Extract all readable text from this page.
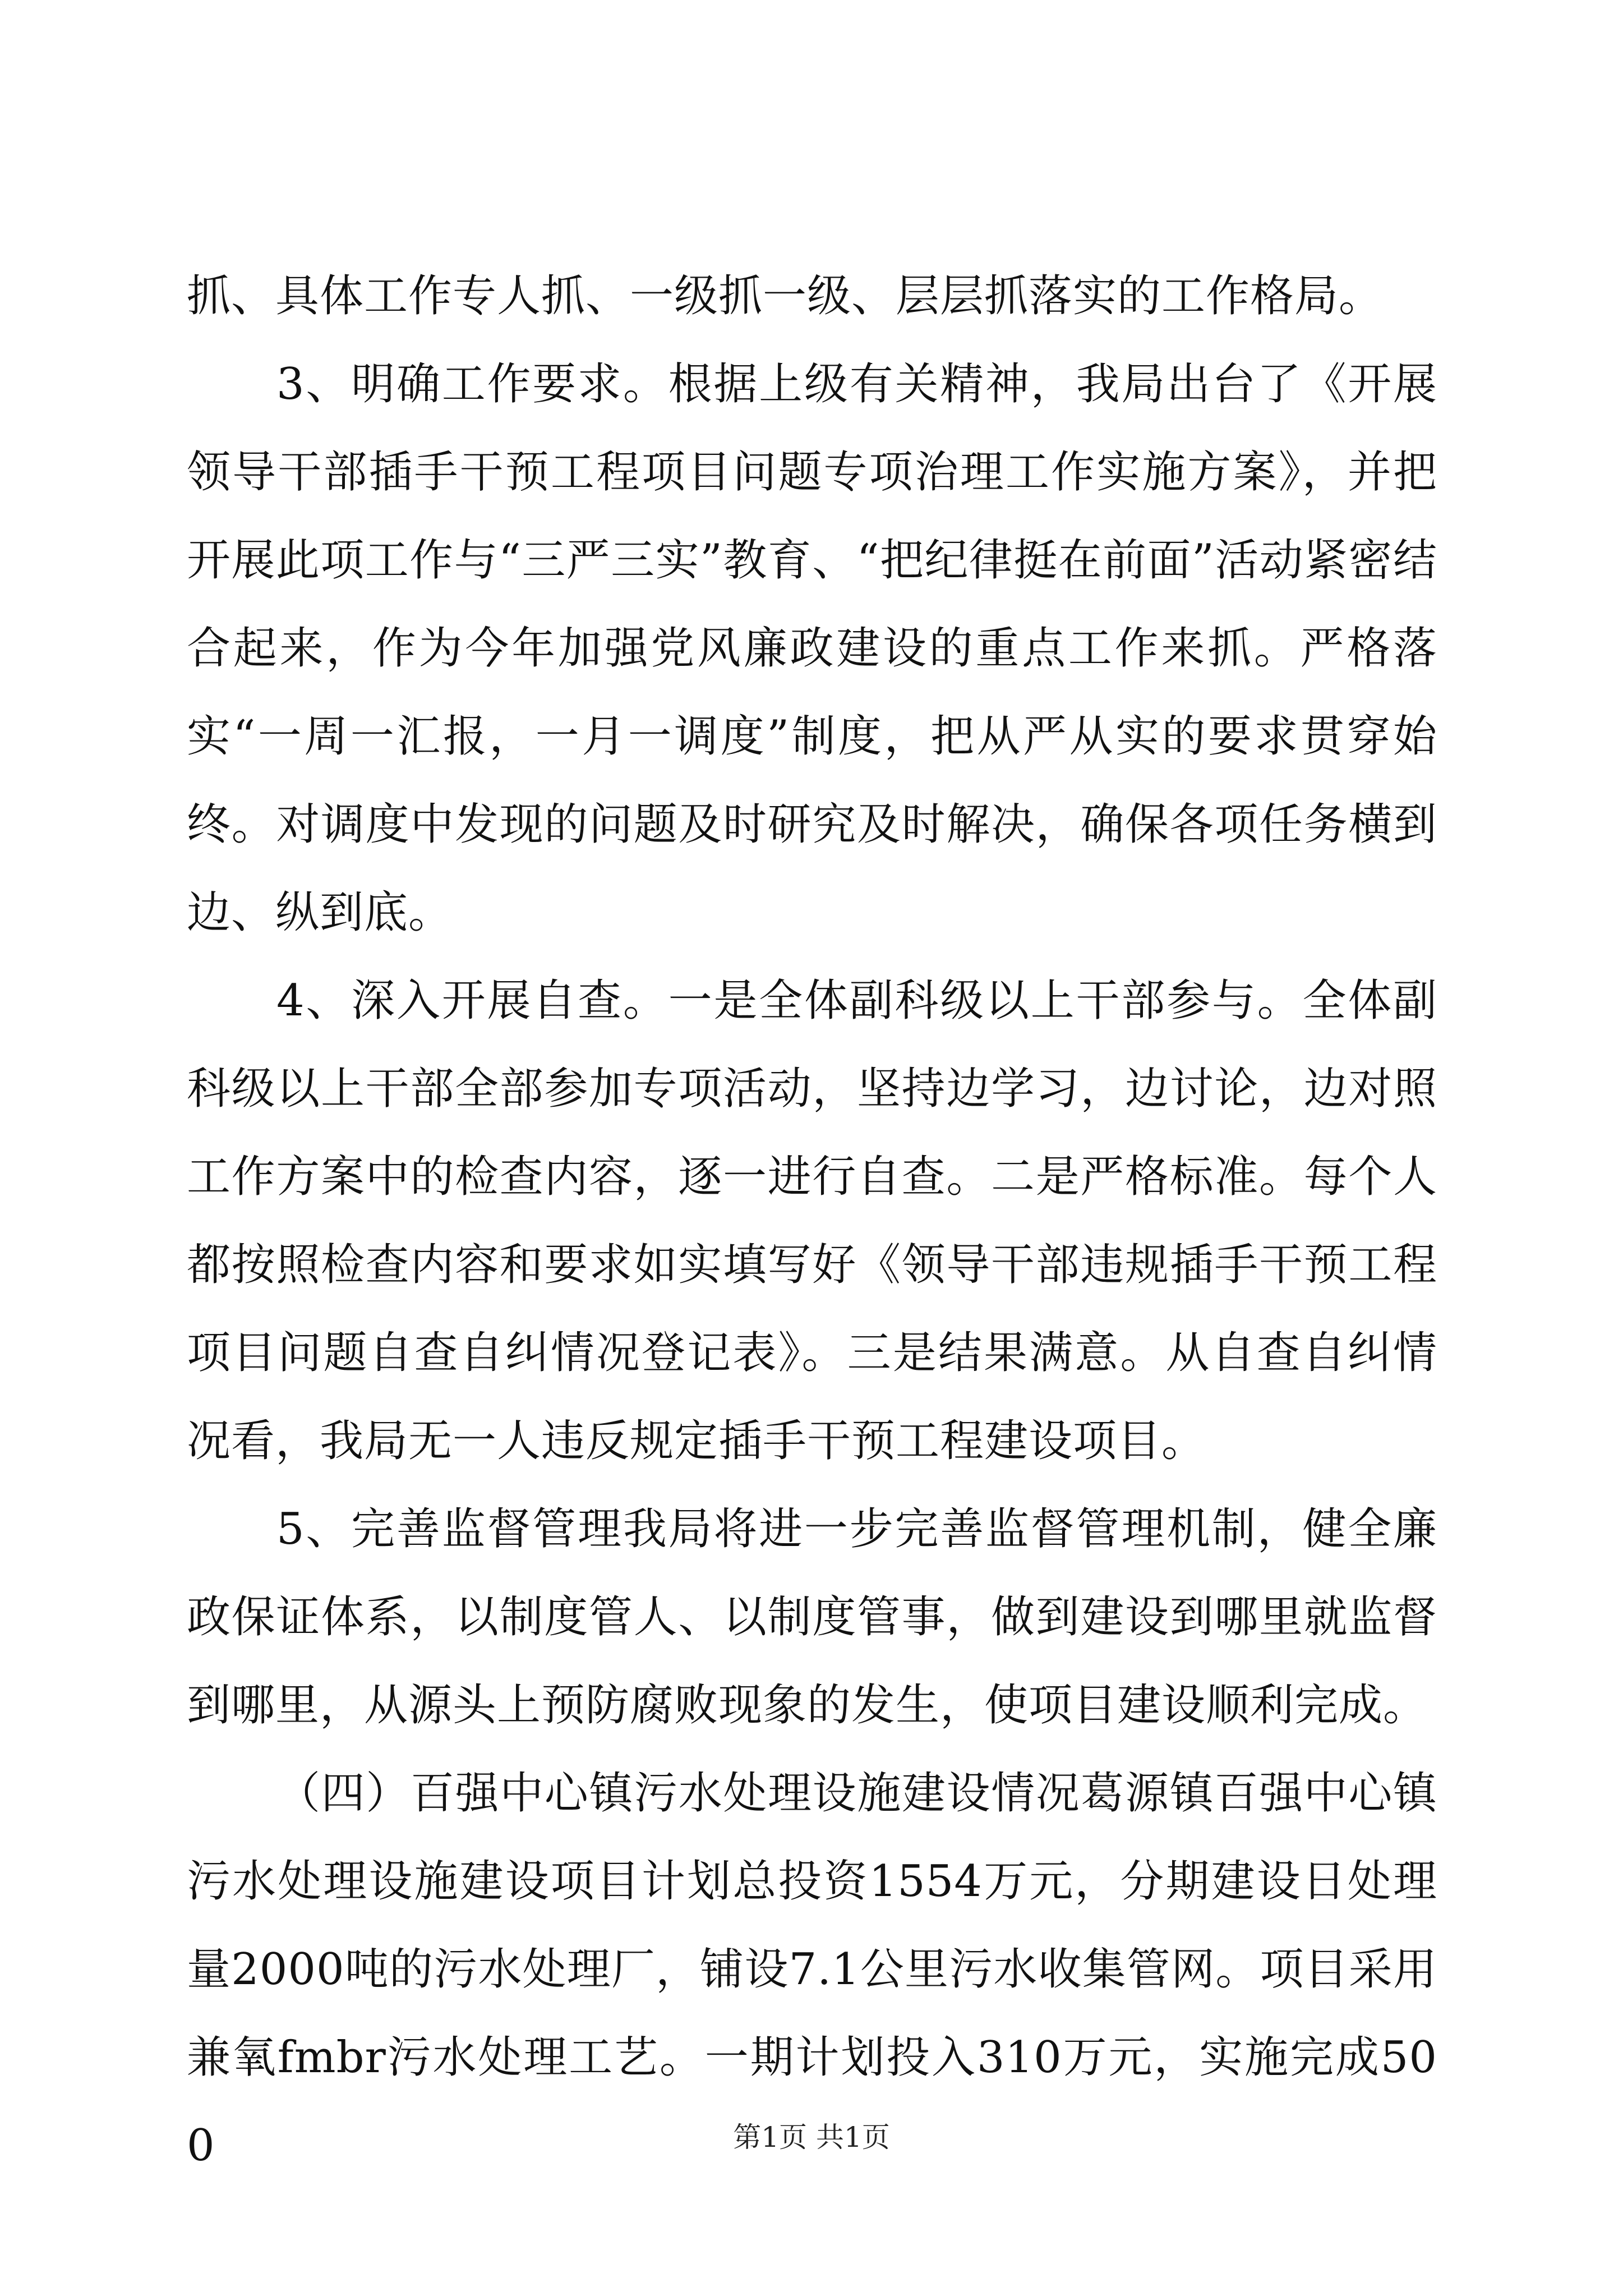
抓、具体工作专人抓、一级抓一级、层层抓落实的工作格局。

3、明确工作要求。根据上级有关精神，我局出台了《开展领导干部插手干预工程项目问题专项治理工作实施方案》，并把开展此项工作与“三严三实”教育、“把纪律挺在前面”活动紧密结合起来，作为今年加强党风廉政建设的重点工作来抓。严格落实“一周一汇报，一月一调度”制度，把从严从实的要求贯穿始终。对调度中发现的问题及时研究及时解决，确保各项任务横到边、纵到底。

4、深入开展自查。一是全体副科级以上干部参与。全体副科级以上干部全部参加专项活动，坚持边学习，边讨论，边对照工作方案中的检查内容，逐一进行自查。二是严格标准。每个人都按照检查内容和要求如实填写好《领导干部违规插手干预工程项目问题自查自纠情况登记表》。三是结果满意。从自查自纠情况看，我局无一人违反规定插手干预工程建设项目。

5、完善监督管理我局将进一步完善监督管理机制，健全廉政保证体系，以制度管人、以制度管事，做到建设到哪里就监督到哪里，从源头上预防腐败现象的发生，使项目建设顺利完成。

（四）百强中心镇污水处理设施建设情况葛源镇百强中心镇污水处理设施建设项目计划总投资1554万元，分期建设日处理量2000吨的污水处理厂，铺设7.1公里污水收集管网。项目采用兼氧fmbr污水处理工艺。一期计划投入310万元，实施完成500	第1页 共1页
